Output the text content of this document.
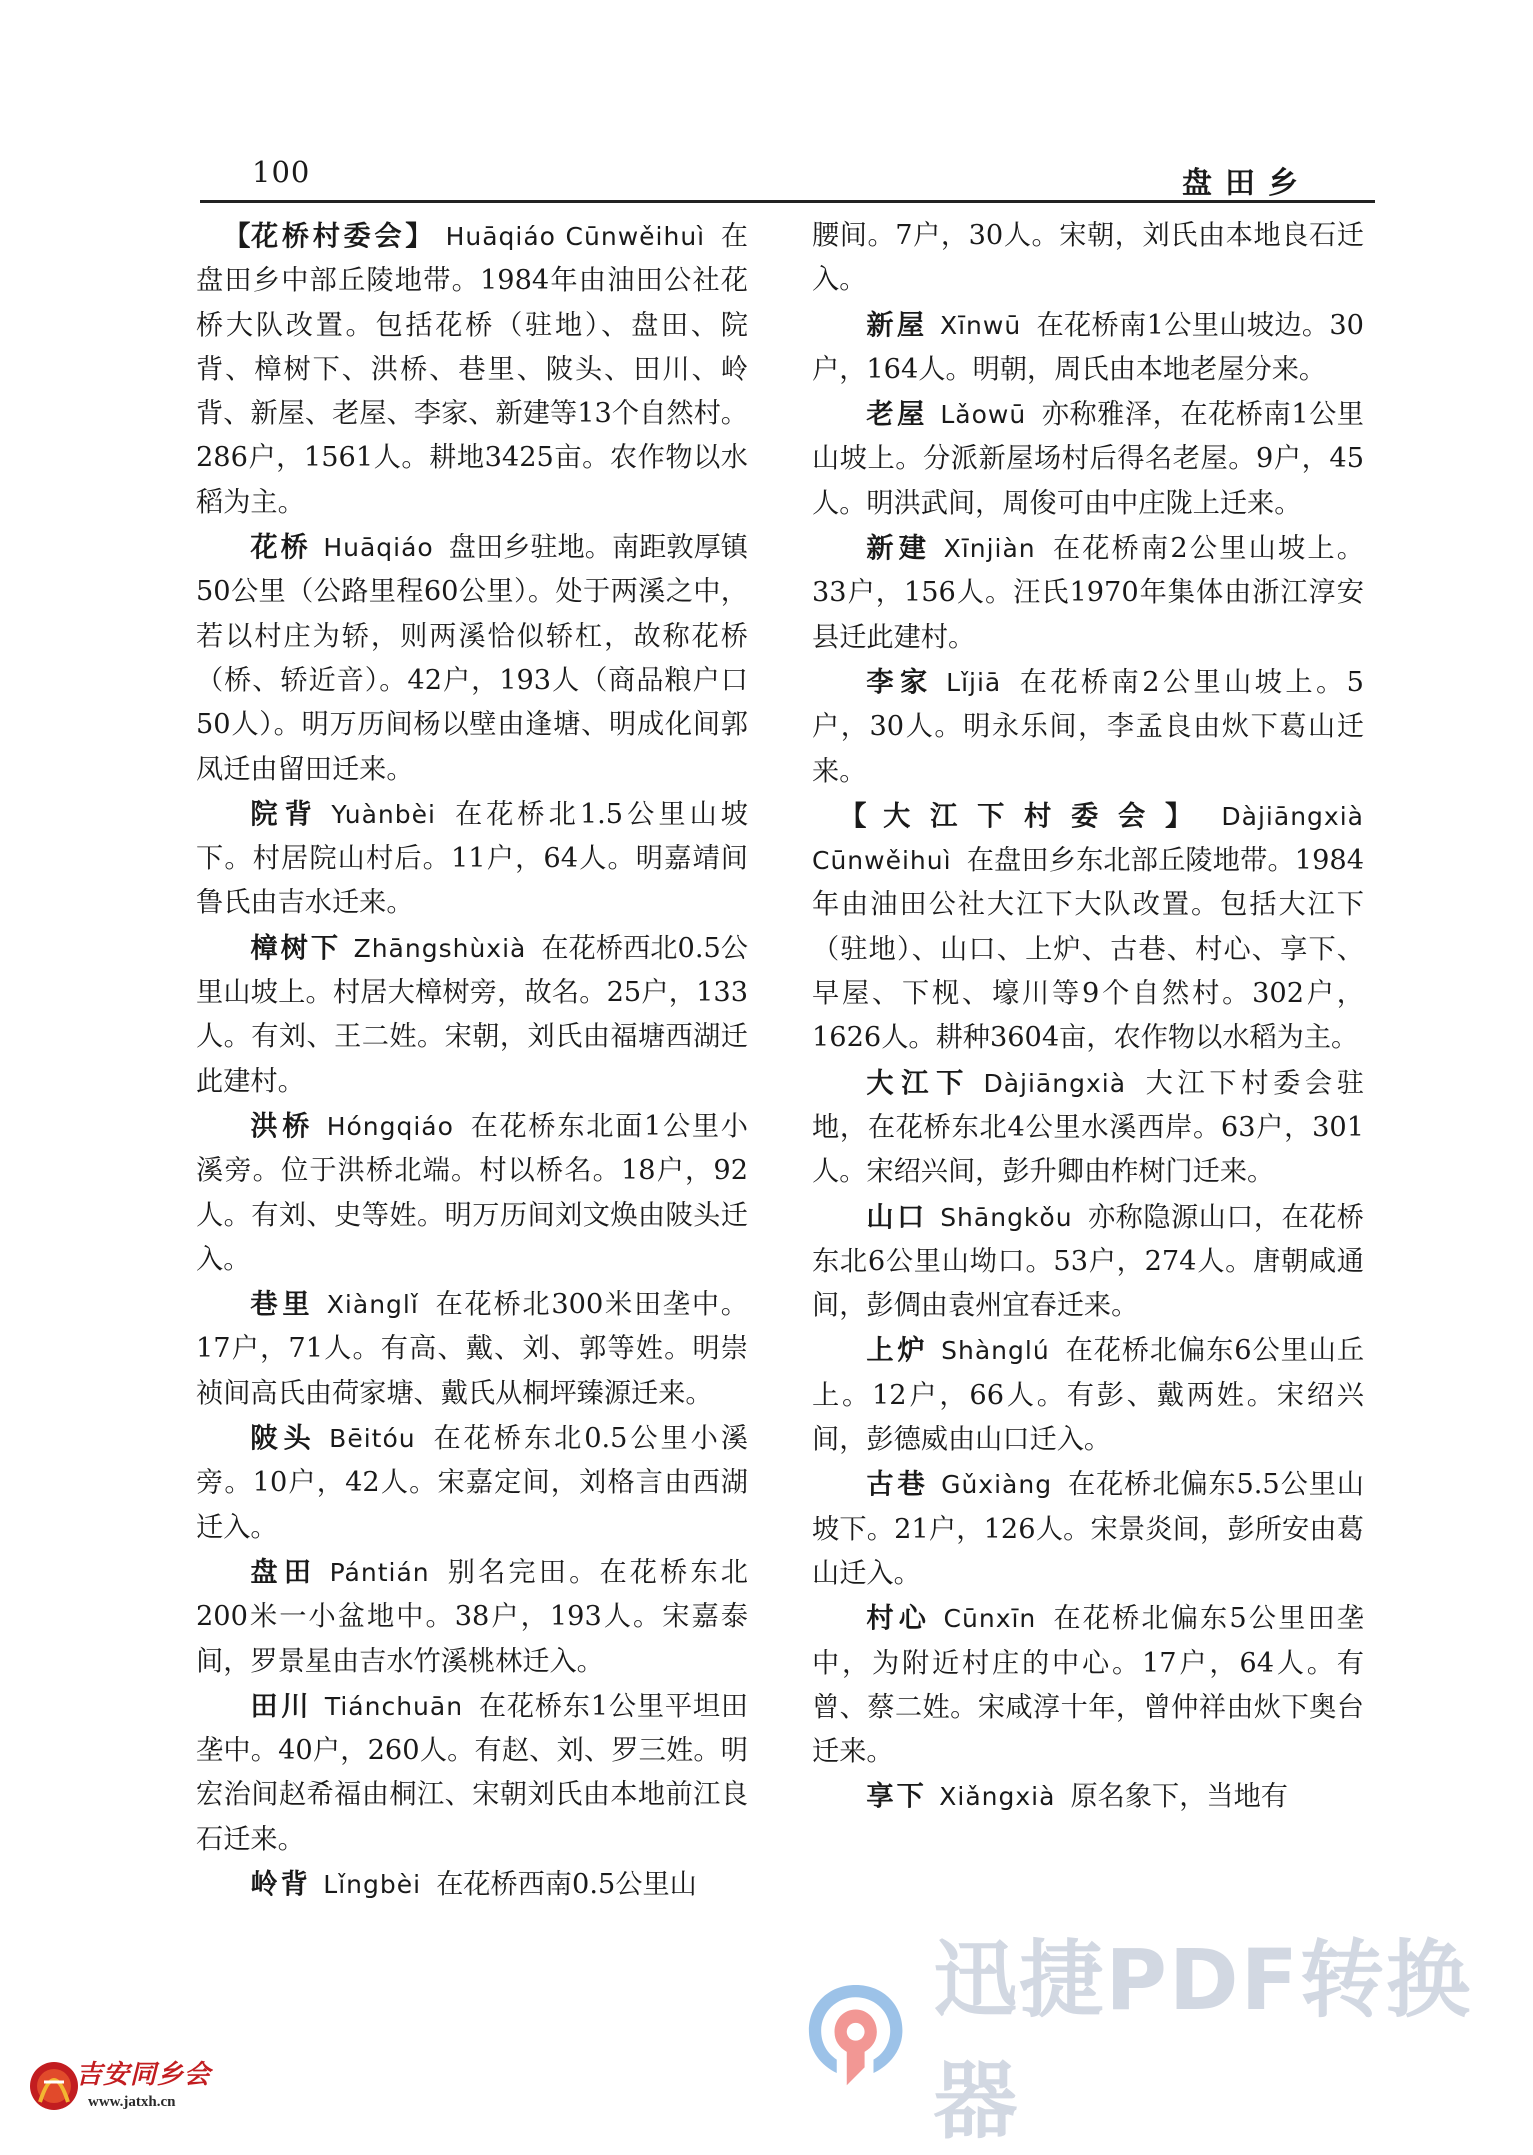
100	盘田乡

【花桥村委会】 Huāqiáo Cūnwěihuì 在盘田乡中部丘陵地带。1984年由油田公社花桥大队改置。包括花桥（驻地）、盘田、院背、樟树下、洪桥、巷里、陂头、田川、岭背、新屋、老屋、李家、新建等13个自然村。286户，1561人。耕地3425亩。农作物以水稻为主。

花桥 Huāqiáo 盘田乡驻地。南距敦厚镇50公里（公路里程60公里）。处于两溪之中，若以村庄为轿，则两溪恰似轿杠，故称花桥（桥、轿近音）。42户，193人（商品粮户口50人）。明万历间杨以壁由逢塘、明成化间郭凤迁由留田迁来。

院背 Yuànbèi 在花桥北1.5公里山坡下。村居院山村后。11户，64人。明嘉靖间鲁氏由吉水迁来。

樟树下 Zhāngshùxià 在花桥西北0.5公里山坡上。村居大樟树旁，故名。25户，133人。有刘、王二姓。宋朝，刘氏由福塘西湖迁此建村。

洪桥 Hóngqiáo 在花桥东北面1公里小溪旁。位于洪桥北端。村以桥名。18户，92人。有刘、史等姓。明万历间刘文焕由陂头迁入。

巷里 Xiànglǐ 在花桥北300米田垄中。17户，71人。有高、戴、刘、郭等姓。明崇祯间高氏由荷家塘、戴氏从桐坪臻源迁来。

陂头 Bēitóu 在花桥东北0.5公里小溪旁。10户，42人。宋嘉定间，刘格言由西湖迁入。

盘田 Pántián 别名完田。在花桥东北200米一小盆地中。38户，193人。宋嘉泰间，罗景星由吉水竹溪桃林迁入。

田川 Tiánchuān 在花桥东1公里平坦田垄中。40户，260人。有赵、刘、罗三姓。明宏治间赵希福由桐江、宋朝刘氏由本地前江良石迁来。

岭背 Lǐngbèi 在花桥西南0.5公里山

腰间。7户，30人。宋朝，刘氏由本地良石迁入。

新屋 Xīnwū 在花桥南1公里山坡边。30户，164人。明朝，周氏由本地老屋分来。

老屋 Lǎowū 亦称雅泽，在花桥南1公里山坡上。分派新屋场村后得名老屋。9户，45人。明洪武间，周俊可由中庄陇上迁来。

新建 Xīnjiàn 在花桥南2公里山坡上。33户，156人。汪氏1970年集体由浙江淳安县迁此建村。

李家 Lǐjiā 在花桥南2公里山坡上。5户，30人。明永乐间，李孟良由炏下葛山迁来。

【大江下村委会】 Dàjiāngxià Cūnwěihuì 在盘田乡东北部丘陵地带。1984年由油田公社大江下大队改置。包括大江下（驻地）、山口、上炉、古巷、村心、享下、早屋、下枧、壕川等9个自然村。302户，1626人。耕种3604亩，农作物以水稻为主。

大江下 Dàjiāngxià 大江下村委会驻地，在花桥东北4公里水溪西岸。63户，301人。宋绍兴间，彭升卿由柞树门迁来。

山口 Shāngkǒu 亦称隐源山口，在花桥东北6公里山坳口。53户，274人。唐朝咸通间，彭倜由袁州宜春迁来。

上炉 Shànglú 在花桥北偏东6公里山丘上。12户，66人。有彭、戴两姓。宋绍兴间，彭德威由山口迁入。

古巷 Gǔxiàng 在花桥北偏东5.5公里山坡下。21户，126人。宋景炎间，彭所安由葛山迁入。

村心 Cūnxīn 在花桥北偏东5公里田垄中，为附近村庄的中心。17户，64人。有曾、蔡二姓。宋咸淳十年，曾仲祥由炏下奥台迁来。

享下 Xiǎngxià 原名象下，当地有

迅捷PDF转换器
吉安同乡会
www.jatxh.cn
